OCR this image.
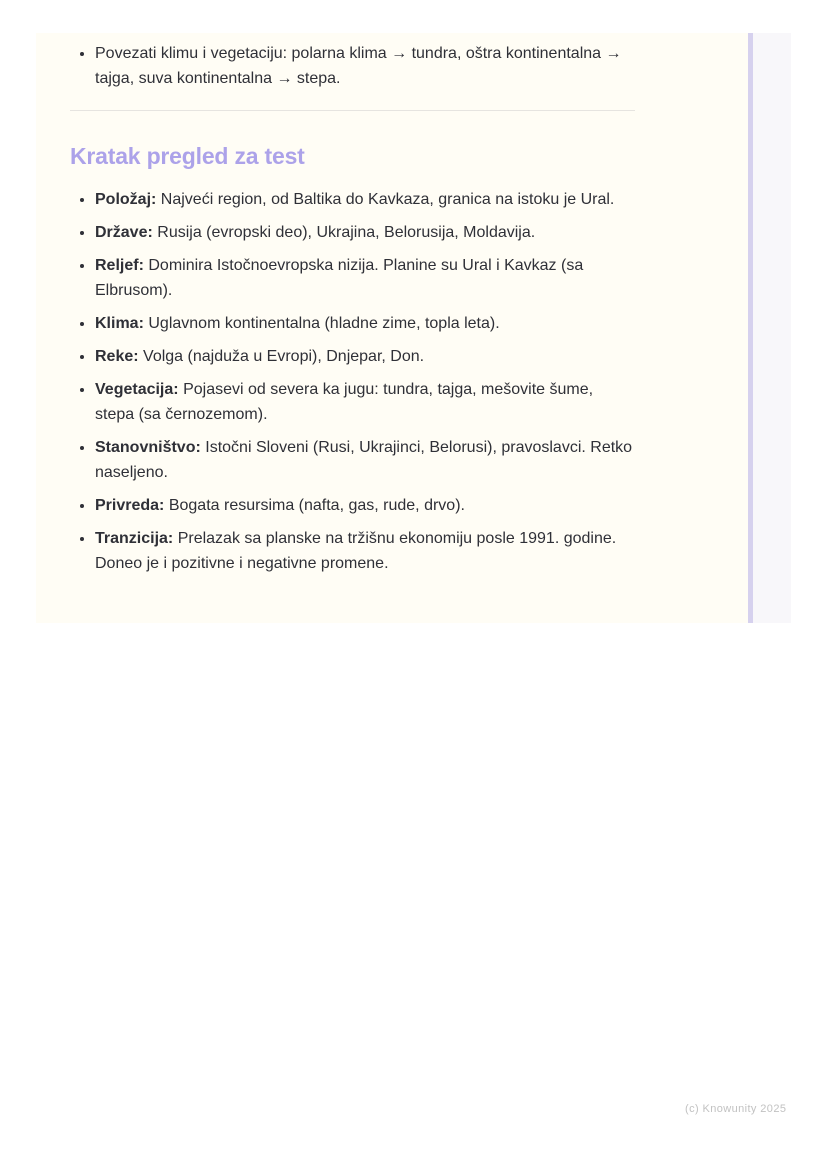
• Povezati klimu i vegetaciju: polarna klima → tundra, oštra kontinentalna → tajga, suva kontinentalna → stepa.
Kratak pregled za test
• Položaj: Najveći region, od Baltika do Kavkaza, granica na istoku je Ural.
• Države: Rusija (evropski deo), Ukrajina, Belorusija, Moldavija.
• Reljef: Dominira Istočnoevropska nizija. Planine su Ural i Kavkaz (sa Elbrusom).
• Klima: Uglavnom kontinentalna (hladne zime, topla leta).
• Reke: Volga (najduža u Evropi), Dnjepar, Don.
• Vegetacija: Pojasevi od severa ka jugu: tundra, tajga, mešovite šume, stepa (sa černozemom).
• Stanovništvo: Istočni Sloveni (Rusi, Ukrajinci, Belorusi), pravoslavci. Retko naseljeno.
• Privreda: Bogata resursima (nafta, gas, rude, drvo).
• Tranzicija: Prelazak sa planske na tržišnu ekonomiju posle 1991. godine. Doneo je i pozitivne i negativne promene.
(c) Knowunity 2025
